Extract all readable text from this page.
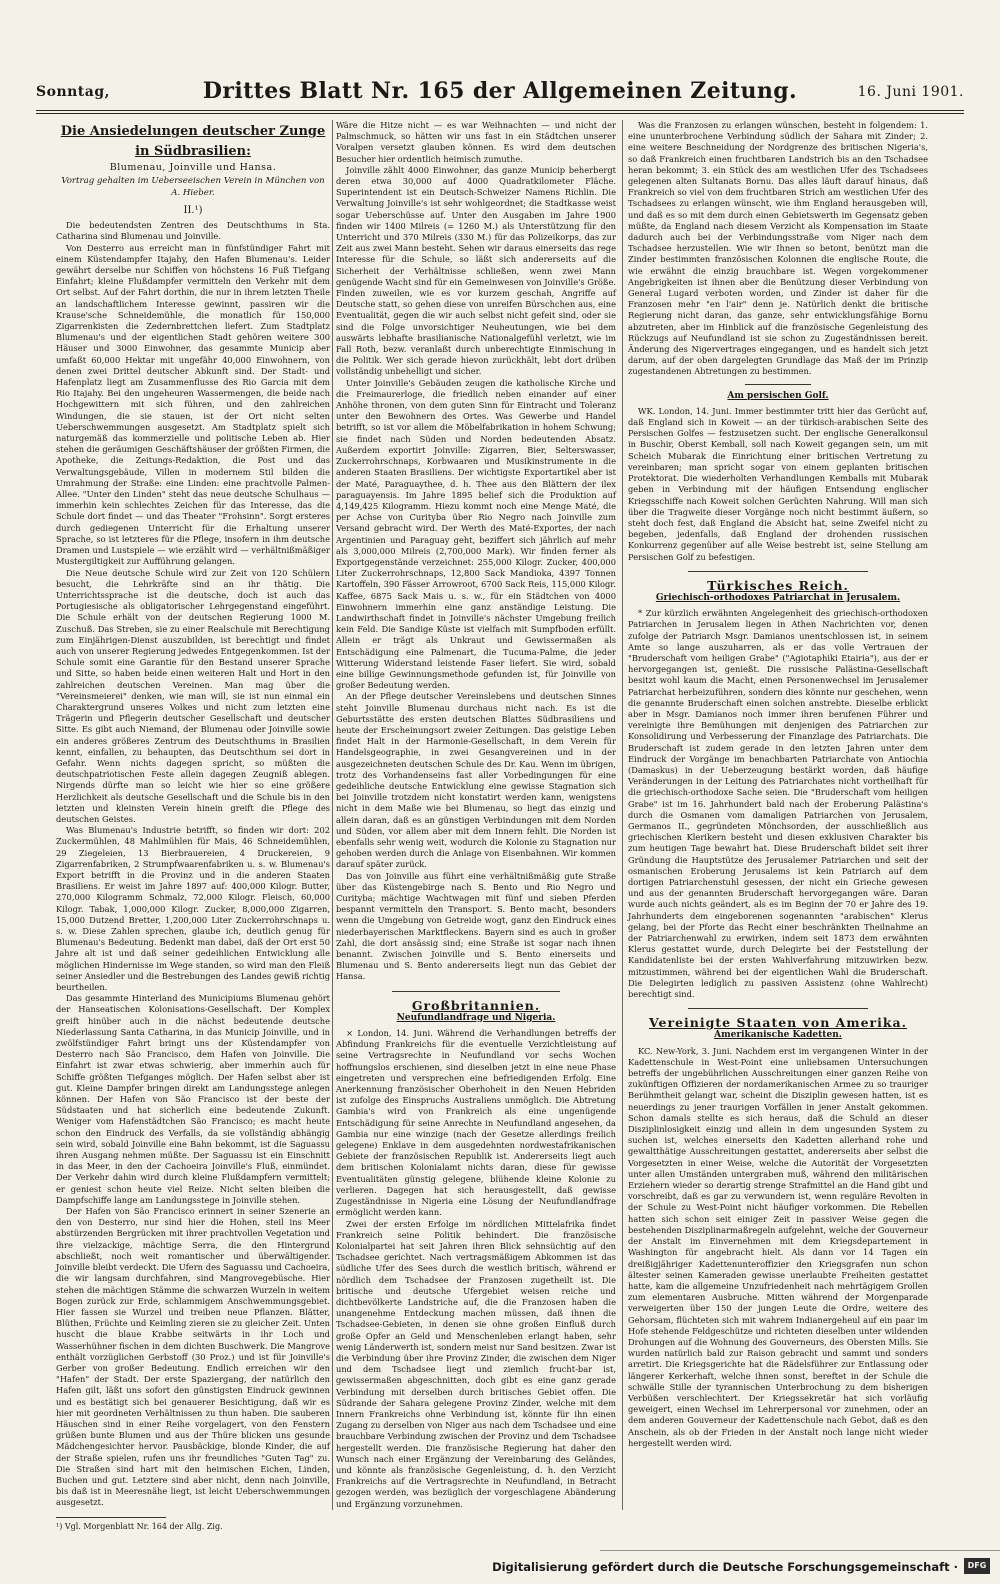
Sonntag,	Drittes Blatt Nr. 165 der Allgemeinen Zeitung.	16. Juni 1901.
Die Ansiedelungen deutscher Zunge
in Südbrasilien:
Blumenau, Joinville und Hansa.
Vortrag gehalten im Ueberseeischen Verein in München von
A. Hieber.
II.¹)

Die bedeutendsten Zentren des Deutschthums in Sta. Catharina sind Blumenau und Joinville.

Von Desterro aus erreicht man in fünfstündiger Fahrt mit einem Küstendampfer Itajahy, den Hafen Blumenau's. Leider gewährt derselbe nur Schiffen von höchstens 16 Fuß Tiefgang Einfahrt; kleine Flußdampfer vermitteln den Verkehr mit dem Ort selbst. Auf der Fahrt dorthin, die nur in ihrem letzten Theile an landschaftlichem Interesse gewinnt, passiren wir die Krause'sche Schneidemühle, die monatlich für 150,000 Zigarrenkisten die Zedernbrettchen liefert. Zum Stadtplatz Blumenau's und der eigentlichen Stadt gehören weitere 300 Häuser und 3000 Einwohner, das gesammte Municip aber umfaßt 60,000 Hektar mit ungefähr 40,000 Einwohnern, von denen zwei Drittel deutscher Abkunft sind. Der Stadt- und Hafenplatz liegt am Zusammenflusse des Rio Garcia mit dem Rio Itajahy. Bei den ungeheuren Wassermengen, die beide nach Hochgewittern mit sich führen, und den zahlreichen Windungen, die sie stauen, ist der Ort nicht selten Ueberschwemmungen ausgesetzt. Am Stadtplatz spielt sich naturgemäß das kommerzielle und politische Leben ab. Hier stehen die geräumigen Geschäftshäuser der größten Firmen, die Apotheke, die Zeitungs-Redaktion, die Post und das Verwaltungsgebäude, Villen in modernem Stil bilden die Umrahmung der Straße: eine Linden: eine prachtvolle Palmen-Allee. "Unter den Linden" steht das neue deutsche Schulhaus — immerhin kein schlechtes Zeichen für das Interesse, das die Schule dort findet — und das Theater "Frohsinn". Sorgt ersteres durch gediegenen Unterricht für die Erhaltung unserer Sprache, so ist letzteres für die Pflege, insofern in ihm deutsche Dramen und Lustspiele — wie erzählt wird — verhältnißmäßiger Mustergiltigkeit zur Aufführung gelangen.

Die Neue deutsche Schule wird zur Zeit von 120 Schülern besucht, die Lehrkräfte sind an ihr thätig. Die Unterrichtssprache ist die deutsche, doch ist auch das Portugiesische als obligatorischer Lehrgegenstand eingeführt. Die Schule erhält von der deutschen Regierung 1000 M. Zuschuß. Das Streben, sie zu einer Realschule mit Berechtigung zum Einjährigen-Dienst auszubilden, ist berechtigt und findet auch von unserer Regierung jedwedes Entgegenkommen. Ist der Schule somit eine Garantie für den Bestand unserer Sprache und Sitte, so haben beide einen weiteren Halt und Hort in den zahlreichen deutschen Vereinen. Man mag über die "Vereinsmeierei" denken, wie man will, sie ist nun einmal ein Charaktergrund unseres Volkes und nicht zum letzten eine Trägerin und Pflegerin deutscher Gesellschaft und deutscher Sitte. Es gibt auch Niemand, der Blumenau oder Joinville sowie ein anderes größeres Zentrum des Deutschthums in Brasilien kennt, einfallen, zu behaupten, das Deutschthum sei dort in Gefahr. Wenn nichts dagegen spricht, so müßten die deutschpatriotischen Feste allein dagegen Zeugniß ablegen. Nirgends dürfte man so leicht wie hier so eine größere Herzlichkeit als deutsche Gesellschaft und die Schule bis in den letzten und kleinsten Verein hinein greift die Pflege des deutschen Geistes.

Was Blumenau's Industrie betrifft, so finden wir dort: 202 Zuckermühlen, 48 Mahlmühlen für Mais, 46 Schneidemühlen, 29 Ziegeleien, 13 Bierbrauereien, 4 Druckereien, 9 Zigarrenfabriken, 2 Strumpfwaarenfabriken u. s. w. Blumenau's Export betrifft in die Provinz und in die anderen Staaten Brasiliens. Er weist im Jahre 1897 auf: 400,000 Kilogr. Butter, 270,000 Kilogramm Schmalz, 72,000 Kilogr. Fleisch, 60,000 Kilogr. Tabak, 1,000,000 Kilogr. Zucker, 8,000,000 Zigarren, 15,000 Dutzend Bretter, 1,200,000 Liter Zuckerrohrschnaps u. s. w. Diese Zahlen sprechen, glaube ich, deutlich genug für Blumenau's Bedeutung. Bedenkt man dabei, daß der Ort erst 50 Jahre alt ist und daß seiner gedeihlichen Entwicklung alle möglichen Hindernisse im Wege standen, so wird man den Fleiß seiner Ansiedler und die Bestrebungen des Landes gewiß richtig beurtheilen.

Das gesammte Hinterland des Municipiums Blumenau gehört der Hanseatischen Kolonisations-Gesellschaft. Der Komplex greift hinüber auch in die nächst bedeutende deutsche Niederlassung Santa Catharina, in das Municip Joinville, und in zwölfstündiger Fahrt bringt uns der Küstendampfer von Desterro nach São Francisco, dem Hafen von Joinville. Die Einfahrt ist zwar etwas schwierig, aber immerhin auch für Schiffe größten Tiefganges möglich. Der Hafen selbst aber ist gut. Kleine Dampfer bringen direkt am Landungsstege anlegen können. Der Hafen von São Francisco ist der beste der Südstaaten und hat sicherlich eine bedeutende Zukunft. Weniger vom Hafenstädtchen São Francisco; es macht heute schon den Eindruck des Verfalls, da sie vollständig abhängig sein wird, sobald Joinville eine Bahn bekommt, ist die Saguassu ihren Ausgang nehmen müßte. Der Saguassu ist ein Einschnitt in das Meer, in den der Cachoeira Joinville's Fluß, einmündet. Der Verkehr dahin wird durch kleine Flußdampfern vermittelt; er geniest schon heute viel Reize. Nicht selten bleiben die Dampfschiffe lange am Landungsstege in Joinville stehen.

Der Hafen von São Francisco erinnert in seiner Szenerie an den von Desterro, nur sind hier die Hohen, steil ins Meer abstürzenden Bergrücken mit ihrer prachtvollen Vegetation und ihre vielzackige, mächtige Serra, die den Hintergrund abschließt, noch weit romantischer und überwältigender. Joinville bleibt verdeckt. Die Ufern des Saguassu und Cachoeira, die wir langsam durchfahren, sind Mangrovegebüsche. Hier stehen die mächtigen Stämme die schwarzen Wurzeln in weitem Bogen zurück zur Erde, schlammigem Anschwemmungsgebiet. Hier fassen sie Wurzel und treiben neue Pflanzen. Blätter, Blüthen, Früchte und Keimling zieren sie zu gleicher Zeit. Unten huscht die blaue Krabbe seitwärts in ihr Loch und Wasserhühner fischen in dem dichten Buschwerk. Die Mangrove enthält vorzüglichen Gerbstoff (30 Proz.) und ist für Joinville's Gerber von großer Bedeutung. Endlich erreichen wir den "Hafen" der Stadt. Der erste Spaziergang, der natürlich den Hafen gilt, läßt uns sofort den günstigsten Eindruck gewinnen und es bestätigt sich bei genauerer Besichtigung, daß wir es hier mit geordneten Verhältnissen zu thun haben. Die sauberen Häuschen sind in einer Reihe vorgelagert, von den Fenstern grüßen bunte Blumen und aus der Thüre blicken uns gesunde Mädchengesichter hervor. Pausbäckige, blonde Kinder, die auf der Straße spielen, rufen uns ihr freundliches "Guten Tag" zu. Die Straßen sind hart mit den heimischen Eichen, Linden, Buchen und gut. Letztere sind aber nicht, denn nach Joinville, bis daß ist in Meeresnähe liegt, ist leicht Ueberschwemmungen ausgesetzt.

¹) Vgl. Morgenblatt Nr. 164 der Allg. Zig.

Wäre die Hitze nicht — es war Weihnachten — und nicht der Palmschmuck, so hätten wir uns fast in ein Städtchen unserer Voralpen versetzt glauben können. Es wird dem deutschen Besucher hier ordentlich heimisch zumuthe.

Joinville zählt 4000 Einwohner, das ganze Municip beherbergt deren etwa 30,000 auf 4000 Quadratkilometer Fläche. Superintendent ist ein Deutsch-Schweizer Namens Richlin. Die Verwaltung Joinville's ist sehr wohlgeordnet; die Stadtkasse weist sogar Ueberschüsse auf. Unter den Ausgaben im Jahre 1900 finden wir 1400 Milreis (= 1260 M.) als Unterstützung für den Unterricht und 370 Milreis (330 M.) für das Polizeikorps, das zur Zeit aus zwei Mann besteht. Sehen wir daraus einerseits das rege Interesse für die Schule, so läßt sich andererseits auf die Sicherheit der Verhältnisse schließen, wenn zwei Mann genügende Wacht sind für ein Gemeinwesen von Joinville's Größe. Finden zuweilen, wie es vor kurzem geschah, Angriffe auf Deutsche statt, so gehen diese von unreifen Bürschchen aus, eine Eventualität, gegen die wir auch selbst nicht gefeit sind, oder sie sind die Folge unvorsichtiger Neuheutungen, wie bei dem auswärts lebhafte brasilianische Nationalgefühl verletzt, wie im Fall Roth, bezw. veranlaßt durch unberechtigte Einmischung in die Politik. Wer sich gerade hievon zurückhält, lebt dort drüben vollständig unbehelligt und sicher.

Unter Joinville's Gebäuden zeugen die katholische Kirche und die Freimaurerloge, die friedlich neben einander auf einer Anhöhe thronen, von dem guten Sinn für Eintracht und Toleranz unter den Bewohnern des Ortes. Was Gewerbe und Handel betrifft, so ist vor allem die Möbelfabrikation in hohem Schwung; sie findet nach Süden und Norden bedeutenden Absatz. Außerdem exportirt Joinville: Zigarren, Bier, Selterswasser, Zuckerrohrschnaps, Korbwaaren und Musikinstrumente in die anderen Staaten Brasiliens. Der wichtigste Exportartikel aber ist der Maté, Paraguaythee, d. h. Thee aus den Blättern der ilex paraguayensis. Im Jahre 1895 belief sich die Produktion auf 4,149,425 Kilogramm. Hiezu kommt noch eine Menge Maté, die per Achse von Curityba über Rio Negro nach Joinville zum Versand gebracht wird. Der Werth des Maté-Exportes, der nach Argentinien und Paraguay geht, beziffert sich jährlich auf mehr als 3,000,000 Milreis (2,700,000 Mark). Wir finden ferner als Exportgegenstände verzeichnet: 255,000 Kilogr. Zucker, 400,000 Liter Zuckerrohrschnaps, 12,800 Sack Mandioka, 4397 Tonnen Kartoffeln, 390 Fässer Arrowroot, 6700 Sack Reis, 115,000 Kilogr. Kaffee, 6875 Sack Mais u. s. w., für ein Städtchen von 4000 Einwohnern immerhin eine ganz anständige Leistung. Die Landwirthschaft findet in Joinville's nächster Umgebung freilich kein Feld. Die Sandige Küste ist vielfach mit Sumpfboden erfüllt. Allein er trägt als Unkraut und Gewissermaßen als Entschädigung eine Palmenart, die Tucuma-Palme, die jeder Witterung Widerstand leistende Faser liefert. Sie wird, sobald eine billige Gewinnungsmethode gefunden ist, für Joinville von großer Bedeutung werden.

An der Pflege deutscher Vereinslebens und deutschen Sinnes steht Joinville Blumenau durchaus nicht nach. Es ist die Geburtsstätte des ersten deutschen Blattes Südbrasiliens und heute der Erscheinungsort zweier Zeitungen. Das geistige Leben findet Halt in der Harmonie-Gesellschaft, in dem Verein für Handelsgeographie, in zwei Gesangvereinen und in der ausgezeichneten deutschen Schule des Dr. Kau. Wenn im übrigen, trotz des Vorhandenseins fast aller Vorbedingungen für eine gedeihliche deutsche Entwicklung eine gewisse Stagnation sich bei Joinville trotzdem nicht konstatirt werden kann, wenigstens nicht in dem Maße wie bei Blumenau, so liegt das einzig und allein daran, daß es an günstigen Verbindungen mit dem Norden und Süden, vor allem aber mit dem Innern fehlt. Die Norden ist ebenfalls sehr wenig weit, wodurch die Kolonie zu Stagnation nur gehoben werden durch die Anlage von Eisenbahnen. Wir kommen darauf später zurück.

Das von Joinville aus führt eine verhältnißmäßig gute Straße über das Küstengebirge nach S. Bento und Rio Negro und Curityba; mächtige Wachtwagen mit fünf und sieben Pferden bespannt vermitteln den Transport. S. Bento macht, besonders wenn die Umgebung von Getreide wogt, ganz den Eindruck eines niederbayerischen Marktfleckens. Bayern sind es auch in großer Zahl, die dort ansässig sind; eine Straße ist sogar nach ihnen benannt. Zwischen Joinville und S. Bento einerseits und Blumenau und S. Bento andererseits liegt nun das Gebiet der Hansa.

Großbritannien.
Neufundlandfrage und Nigeria.

× London, 14. Juni. Während die Verhandlungen betreffs der Abfindung Frankreichs für die eventuelle Verzichtleistung auf seine Vertragsrechte in Neufundland vor sechs Wochen hoffnungslos erschienen, sind dieselben jetzt in eine neue Phase eingetreten und versprechen eine befriedigenden Erfolg. Eine Anerkennung französischer Oberhoheit in den Neuen Hebriden ist zufolge des Einspruchs Australiens unmöglich. Die Abtretung Gambia's wird von Frankreich als eine ungenügende Entschädigung für seine Anrechte in Neufundland angesehen, da Gambia nur eine winzige (nach der Gesetze allerdings freilich gelegene) Enklave in dem ausgedehnten nordwestafrikanischen Gebiete der französischen Republik ist. Andererseits liegt auch dem britischen Kolonialamt nichts daran, diese für gewisse Eventualitäten günstig gelegene, blühende kleine Kolonie zu verlieren. Dagegen hat sich herausgestellt, daß gewisse Zugeständnisse in Nigeria eine Lösung der Neufundlandfrage ermöglicht werden kann.

Zwei der ersten Erfolge im nördlichen Mittelafrika findet Frankreich seine Politik behindert. Die französische Kolonialpartei hat seit Jahren ihren Blick sehnsüchtig auf den Tschadsee gerichtet. Nach vertragsmäßigem Abkommen ist das südliche Ufer des Sees durch die westlich britisch, während er nördlich dem Tschadsee der Franzosen zugetheilt ist. Die britische und deutsche Ufergebiet weisen reiche und dichtbevölkerte Landstriche auf, die die Franzosen haben die unangenehme Entdeckung machen müssen, daß ihnen die Tschadsee-Gebieten, in denen sie ohne großen Einfluß durch große Opfer an Geld und Menschenleben erlangt haben, sehr wenig Länderwerth ist, sondern meist nur Sand besitzen. Zwar ist die Verbindung über ihre Provinz Zinder, die zwischen dem Niger und dem Tschadsee liegt und ziemlich frucht-bar ist, gewissermaßen abgeschnitten, doch gibt es eine ganz gerade Verbindung mit derselben durch britisches Gebiet offen. Die Südrande der Sahara gelegene Provinz Zinder, welche mit dem Innern Frankreichs ohne Verbindung ist, könnte für ihn einen Zugang zu derselben von Niger aus nach dem Tschadsee und eine brauchbare Verbindung zwischen der Provinz und dem Tschadsee hergestellt werden. Die französische Regierung hat daher den Wunsch nach einer Ergänzung der Vereinbarung des Geländes, und könnte als französische Gegenleistung, d. h. den Verzicht Frankreichs auf die Vertragsrechte in Neufundland, in Betracht gezogen werden, was bezüglich der vorgeschlagene Abänderung und Ergänzung vorzunehmen.

Was die Franzosen zu erlangen wünschen, besteht in folgendem: 1. eine ununterbrochene Verbindung südlich der Sahara mit Zinder; 2. eine weitere Beschneidung der Nordgrenze des britischen Nigeria's, so daß Frankreich einen fruchtbaren Landstrich bis an den Tschadsee heran bekommt; 3. ein Stück des am westlichen Ufer des Tschadsees gelegenen alten Sultanats Bornu. Das alles läuft darauf hinaus, daß Frankreich so viel von dem fruchtbaren Strich am westlichen Ufer des Tschadsees zu erlangen wünscht, wie ihm England herausgeben will, und daß es so mit dem durch einen Gebietswerth im Gegensatz geben müßte, da England nach diesem Verzicht als Kompensation im Staate dadurch auch bei der Verbindungsstraße vom Niger nach dem Tschadsee herzustellen. Wie wir Ihnen so betont, benützt man die Zinder bestimmten französischen Kolonnen die englische Route, die wie erwähnt die einzig brauchbare ist. Wegen vorgekommener Angebrigkeiten ist ihnen aber die Benützung dieser Verbindung von General Lugard verboten worden, und Zinder ist daher für die Franzosen mehr "en l'air" denn je. Natürlich denkt die britische Regierung nicht daran, das ganze, sehr entwicklungsfähige Bornu abzutreten, aber im Hinblick auf die französische Gegenleistung des Rückzugs auf Neufundland ist sie schon zu Zugeständnissen bereit. Änderung des Nigervertrages eingegangen, und es handelt sich jetzt darum, auf der oben dargelegten Grundlage das Maß der im Prinzip zugestandenen Abtretungen zu bestimmen.

Am persischen Golf.

WK. London, 14. Juni. Immer bestimmter tritt hier das Gerücht auf, daß England sich in Koweit — an der türkisch-arabischen Seite des Persischen Golfes — festzusetzen sucht. Der englische Generalkonsul in Buschir, Oberst Kemball, soll nach Koweit gegangen sein, um mit Scheich Mubarak die Einrichtung einer britischen Vertretung zu vereinbaren; man spricht sogar von einem geplanten britischen Protektorat. Die wiederholten Verhandlungen Kemballs mit Mubarak geben in Verbindung mit der häufigen Entsendung englischer Kriegsschiffe nach Koweit solchen Gerüchten Nahrung. Will man sich über die Tragweite dieser Vorgänge noch nicht bestimmt äußern, so steht doch fest, daß England die Absicht hat, seine Zweifel nicht zu begeben, jedenfalls, daß England der drohenden russischen Konkurrenz gegenüber auf alle Weise bestrebt ist, seine Stellung am Persischen Golf zu befestigen.

Türkisches Reich.
Griechisch-orthodoxes Patriarchat in Jerusalem.

* Zur kürzlich erwähnten Angelegenheit des griechisch-orthodoxen Patriarchen in Jerusalem liegen in Athen Nachrichten vor, denen zufolge der Patriarch Msgr. Damianos unentschlossen ist, in seinem Amte so lange auszuharren, als er das volle Vertrauen der "Bruderschaft vom heiligen Grabe" ("Agiotaphiki Etairia"), aus der er hervorgegangen ist, genießt. Die russische Palästina-Gesellschaft besitzt wohl kaum die Macht, einen Personenwechsel im Jerusalemer Patriarchat herbeizuführen, sondern dies könnte nur geschehen, wenn die genannte Bruderschaft einen solchen anstrebte. Dieselbe erblickt aber in Msgr. Damianos noch immer ihren berufenen Führer und vereinigte ihre Bemühungen mit denjenigen des Patriarchen zur Konsolidirung und Verbesserung der Finanzlage des Patriarchats. Die Bruderschaft ist zudem gerade in den letzten Jahren unter dem Eindruck der Vorgänge im benachbarten Patriarchate von Antiochia (Damaskus) in der Ueberzeugung bestärkt worden, daß häufige Veränderungen in der Leitung des Patriarchates nicht vortheilhaft für die griechisch-orthodoxe Sache seien. Die "Bruderschaft vom heiligen Grabe" ist im 16. Jahrhundert bald nach der Eroberung Palästina's durch die Osmanen vom damaligen Patriarchen von Jerusalem, Germanos II., gegründeten Mönchsorden, der ausschließlich aus griechischen Klerikern besteht und diesen exklusiven Charakter bis zum heutigen Tage bewahrt hat. Diese Bruderschaft bildet seit ihrer Gründung die Hauptstütze des Jerusalemer Patriarchen und seit der osmanischen Eroberung Jerusalems ist kein Patriarch auf dem dortigen Patriarchenstuhl gesessen, der nicht ein Grieche gewesen und aus der genannten Bruderschaft hervorgegangen wäre. Daran wurde auch nichts geändert, als es im Beginn der 70 er Jahre des 19. Jahrhunderts dem eingeborenen sogenannten "arabischen" Klerus gelang, bei der Pforte das Recht einer beschränkten Theilnahme an der Patriarchenwahl zu erwirken, indem seit 1873 dem erwähnten Klerus gestattet wurde, durch Delegirte bei der Feststellung der Kandidatenliste bei der ersten Wahlverfahrung mitzuwirken bezw. mitzustimmen, während bei der eigentlichen Wahl die Bruderschaft. Die Delegirten lediglich zu passiven Assistenz (ohne Wahlrecht) berechtigt sind.

Vereinigte Staaten von Amerika.
Amerikanische Kadetten.

KC. New-York, 3. Juni. Nachdem erst im vergangenen Winter in der Kadettenschule in West-Point eine unliebsamen Untersuchungen betreffs der ungebührlichen Ausschreitungen einer ganzen Reihe von zukünftigen Offizieren der nordamerikanischen Armee zu so trauriger Berühmtheit gelangt war, scheint die Disziplin gewesen hatten, ist es neuerdings zu jener traurigen Vorfällen in jener Anstalt gekommen. Schon damals stellte es sich heraus, daß die Schuld an dieser Disziplinlosigkeit einzig und allein in dem ungesunden System zu suchen ist, welches einerseits den Kadetten allerhand rohe und gewaltthätige Ausschreitungen gestattet, andererseits aber selbst die Vorgesetzten in einer Weise, welche die Autorität der Vorgesetzten unter allen Umständen untergraben muß, während den militärischen Erziehern wieder so derartig strenge Strafmittel an die Hand gibt und vorschreibt, daß es gar zu verwundern ist, wenn reguläre Revolten in der Schule zu West-Point nicht häufiger vorkommen. Die Rebellen hatten sich schon seit einiger Zeit in passiver Weise gegen die bestehenden Disziplinarmaßregeln aufgelehnt, welche der Gouverneur der Anstalt im Einvernehmen mit dem Kriegsdepartement in Washington für angebracht hielt. Als dann vor 14 Tagen ein dreißigjähriger Kadettenunteroffizier den Kriegsgrafen nun schon ältester seinen Kameraden gewisse unerlaubte Freiheiten gestattet hatte, kam die allgemeine Unzufriedenheit nach mehrtägigem Grollen zum elementaren Ausbruche. Mitten während der Morgenparade verweigerten über 150 der jungen Leute die Ordre, weitere des Gehorsam, flüchteten sich mit wahrem Indianergeheul auf ein paar im Hofe stehende Feldgeschütze und richteten dieselben unter wildenden Drohungen auf die Wohnung des Gouverneurs, des Obersten Mills. Sie wurden natürlich bald zur Raison gebracht und sammt und sonders arretirt. Die Kriegsgerichte hat die Rädelsführer zur Entlassung oder längerer Kerkerhaft, welche ihnen sonst, bereftet in der Schule die schwälle Stille der tyrannischen Unterbrochung zu dem bisherigen Verbüßen verschlechtert. Der Kriegssekretär hat sich vorläufig geweigert, einen Wechsel im Lehrerpersonal vor zunehmen, oder an dem anderen Gouverneur der Kadettenschule nach Gebot, daß es den Anschein, als ob der Frieden in der Anstalt noch lange nicht wieder hergestellt werden wird.

Digitalisierung gefördert durch die Deutsche Forschungsgemeinschaft ·	DFG
